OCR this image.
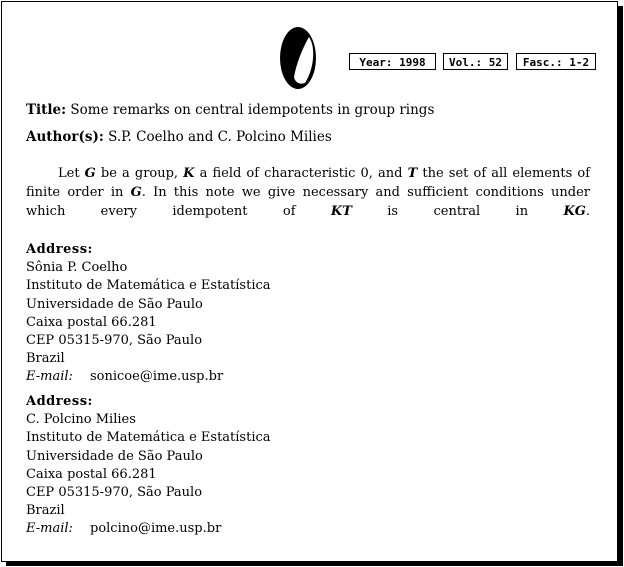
Year: 1998	Vol.: 52	Fasc.: 1-2
Title: Some remarks on central idempotents in group rings
Author(s): S.P. Coelho and C. Polcino Milies

Let G be a group, K a field of characteristic 0, and T the set of all elements of finite order in G. In this note we give necessary and sufficient conditions under which every idempotent of KT is central in KG.

Address:
Sônia P. Coelho
Instituto de Matemática e Estatística
Universidade de São Paulo
Caixa postal 66.281
CEP 05315-970, São Paulo
Brazil
E-mail: sonicoe@ime.usp.br
Address:
C. Polcino Milies
Instituto de Matemática e Estatística
Universidade de São Paulo
Caixa postal 66.281
CEP 05315-970, São Paulo
Brazil
E-mail: polcino@ime.usp.br
